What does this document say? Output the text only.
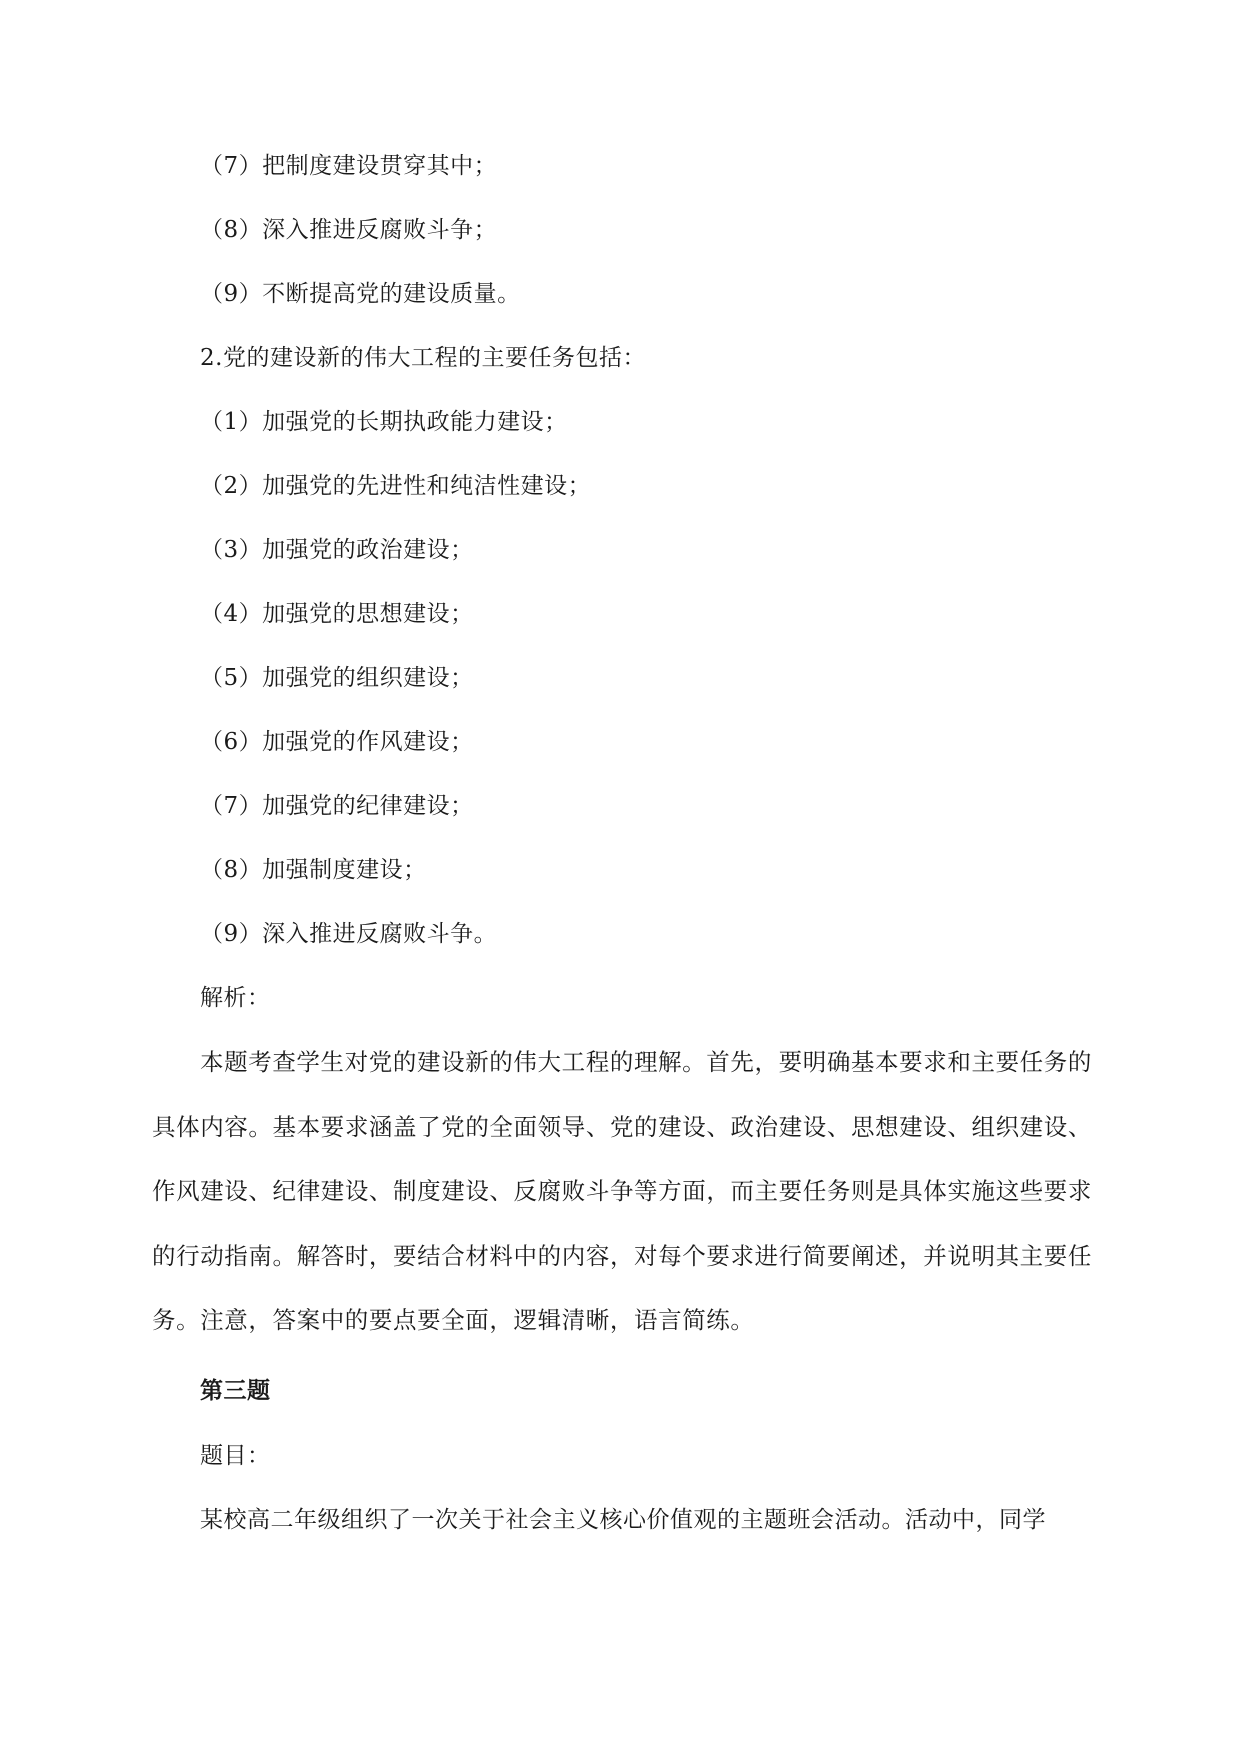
（7）把制度建设贯穿其中；
（8）深入推进反腐败斗争；
（9）不断提高党的建设质量。
2.党的建设新的伟大工程的主要任务包括：
（1）加强党的长期执政能力建设；
（2）加强党的先进性和纯洁性建设；
（3）加强党的政治建设；
（4）加强党的思想建设；
（5）加强党的组织建设；
（6）加强党的作风建设；
（7）加强党的纪律建设；
（8）加强制度建设；
（9）深入推进反腐败斗争。
解析：
本题考查学生对党的建设新的伟大工程的理解。首先，要明确基本要求和主要任务的具体内容。基本要求涵盖了党的全面领导、党的建设、政治建设、思想建设、组织建设、作风建设、纪律建设、制度建设、反腐败斗争等方面，而主要任务则是具体实施这些要求的行动指南。解答时，要结合材料中的内容，对每个要求进行简要阐述，并说明其主要任务。注意，答案中的要点要全面，逻辑清晰，语言简练。
第三题
题目：
某校高二年级组织了一次关于社会主义核心价值观的主题班会活动。活动中，同学
